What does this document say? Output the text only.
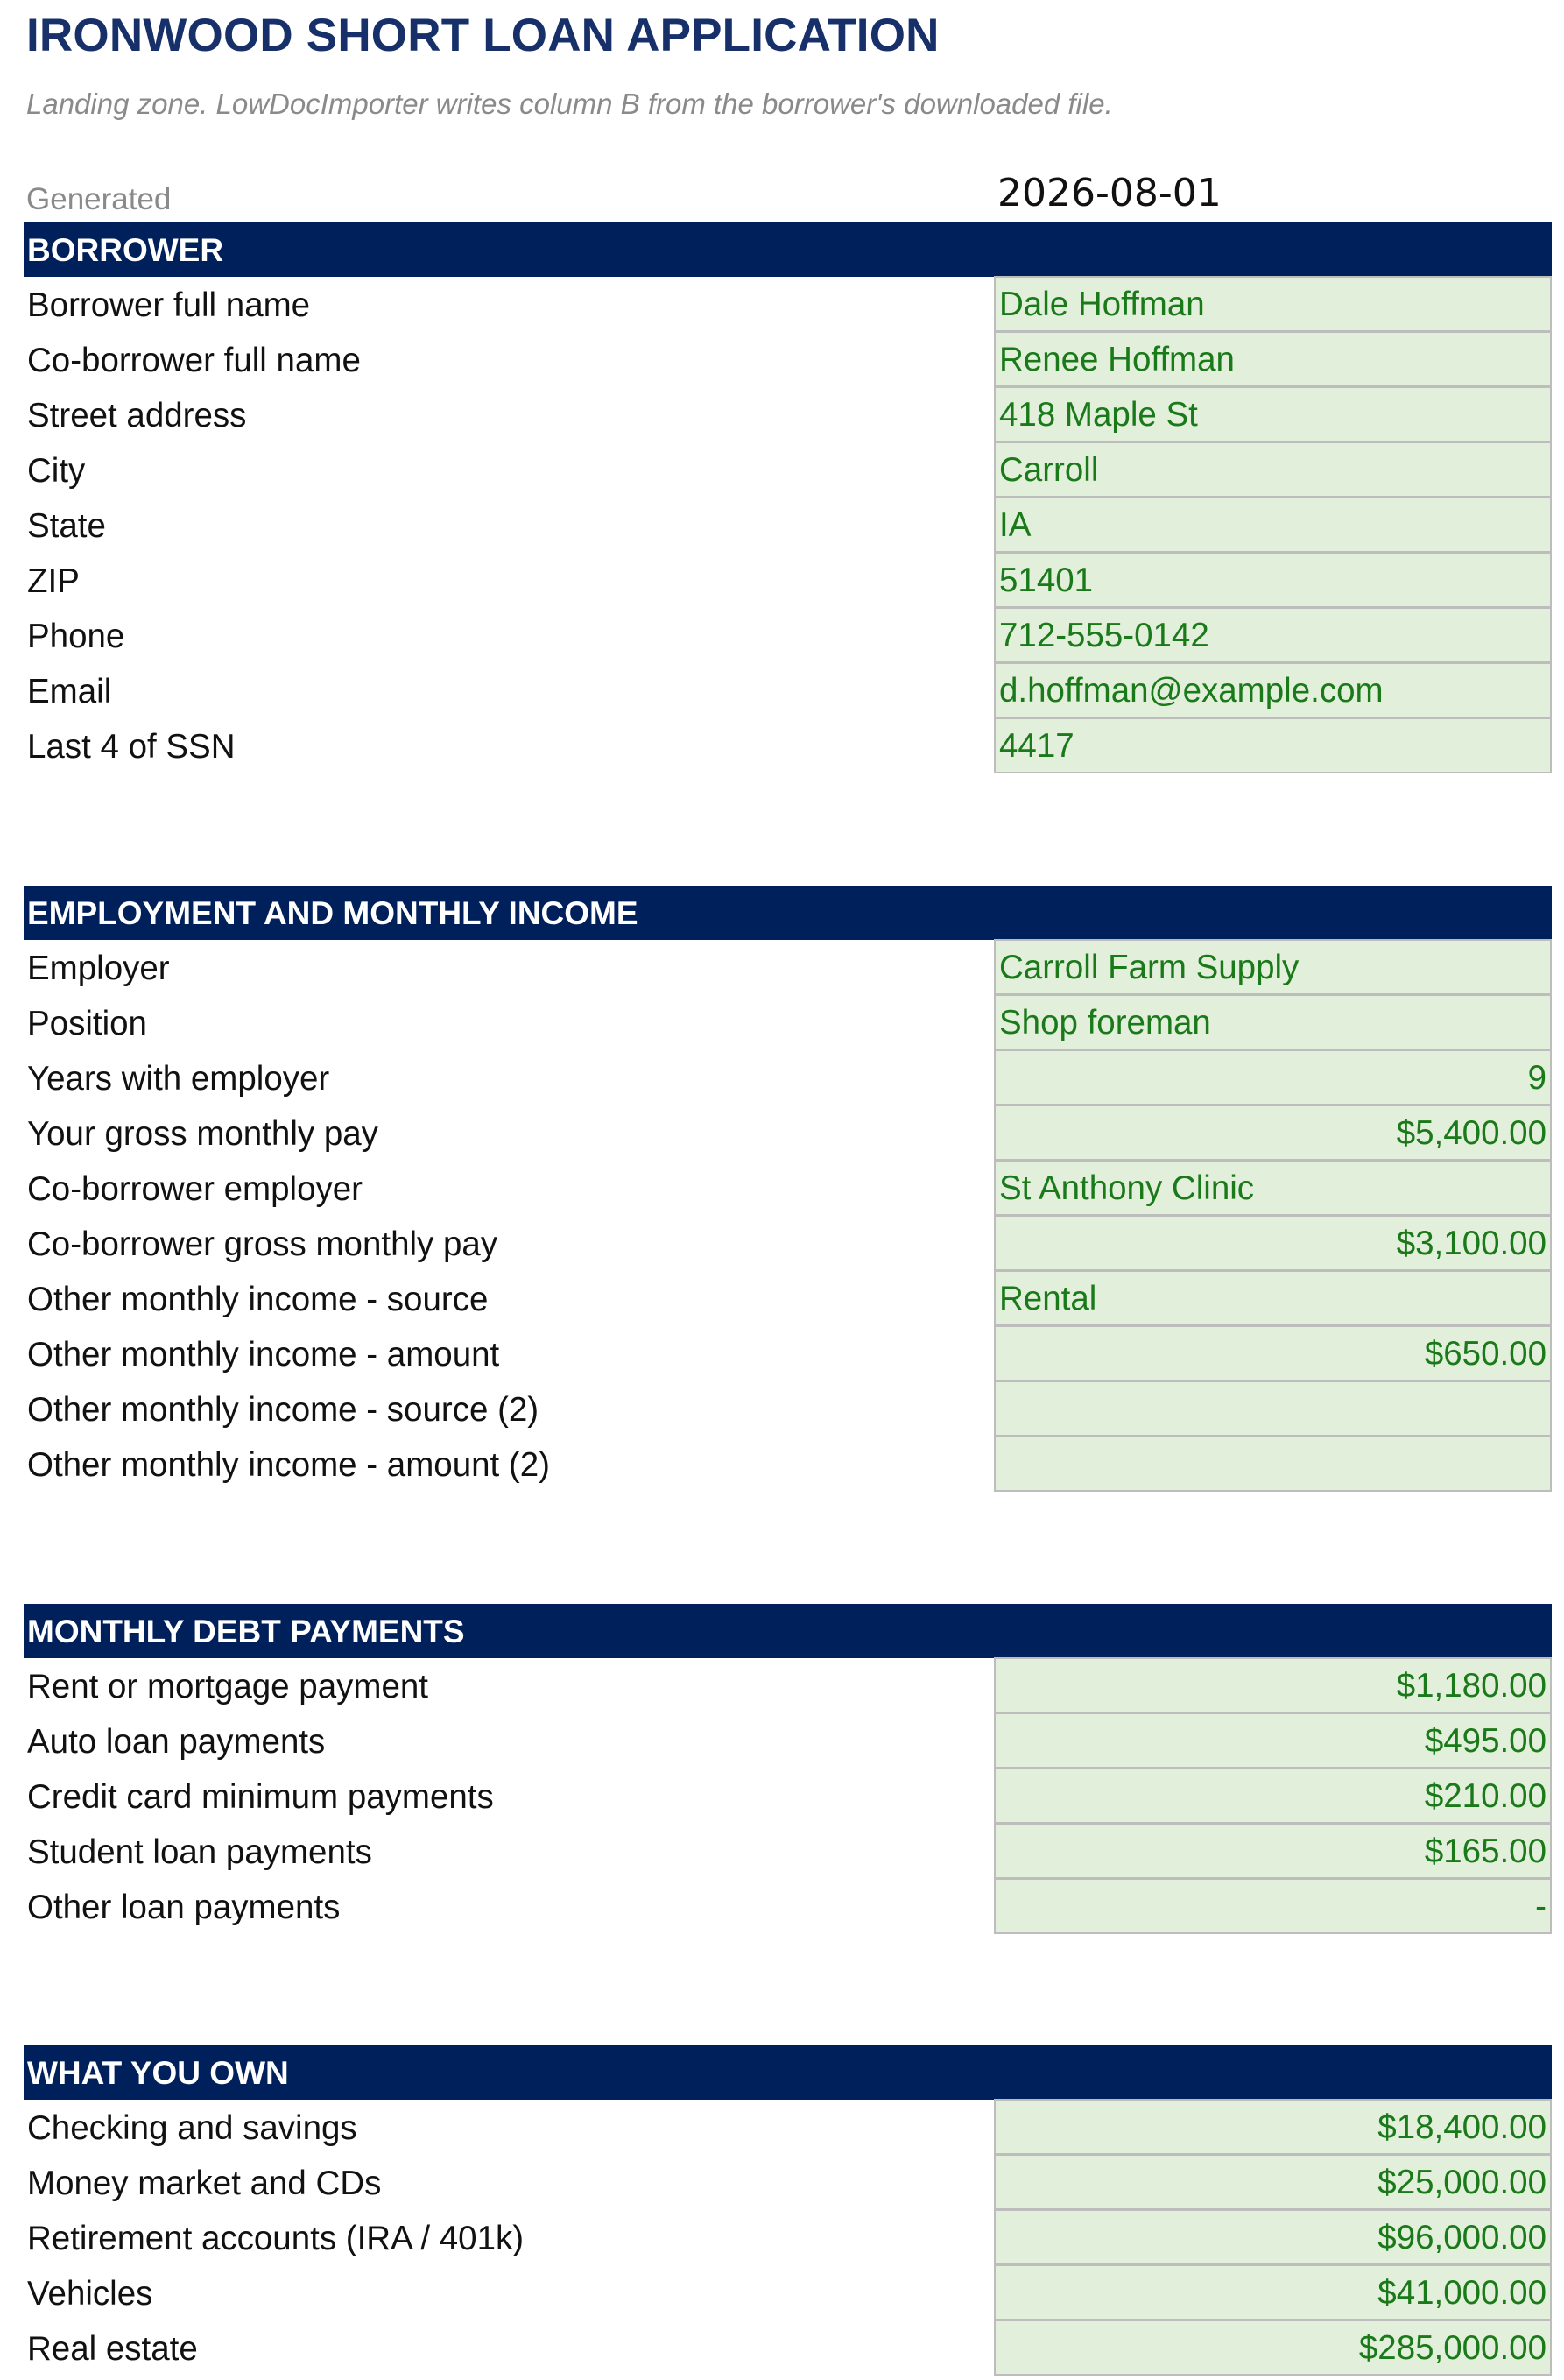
IRONWOOD SHORT LOAN APPLICATION
Landing zone. LowDocImporter writes column B from the borrower's downloaded file.
Generated	2026-08-01
BORROWER
Borrower full name	Dale Hoffman
Co-borrower full name	Renee Hoffman
Street address	418 Maple St
City	Carroll
State	IA
ZIP	51401
Phone	712-555-0142
Email	d.hoffman@example.com
Last 4 of SSN	4417
EMPLOYMENT AND MONTHLY INCOME
Employer	Carroll Farm Supply
Position	Shop foreman
Years with employer	9
Your gross monthly pay	$5,400.00
Co-borrower employer	St Anthony Clinic
Co-borrower gross monthly pay	$3,100.00
Other monthly income - source	Rental
Other monthly income - amount	$650.00
Other monthly income - source (2)
Other monthly income - amount (2)
MONTHLY DEBT PAYMENTS
Rent or mortgage payment	$1,180.00
Auto loan payments	$495.00
Credit card minimum payments	$210.00
Student loan payments	$165.00
Other loan payments	-
WHAT YOU OWN
Checking and savings	$18,400.00
Money market and CDs	$25,000.00
Retirement accounts (IRA / 401k)	$96,000.00
Vehicles	$41,000.00
Real estate	$285,000.00
